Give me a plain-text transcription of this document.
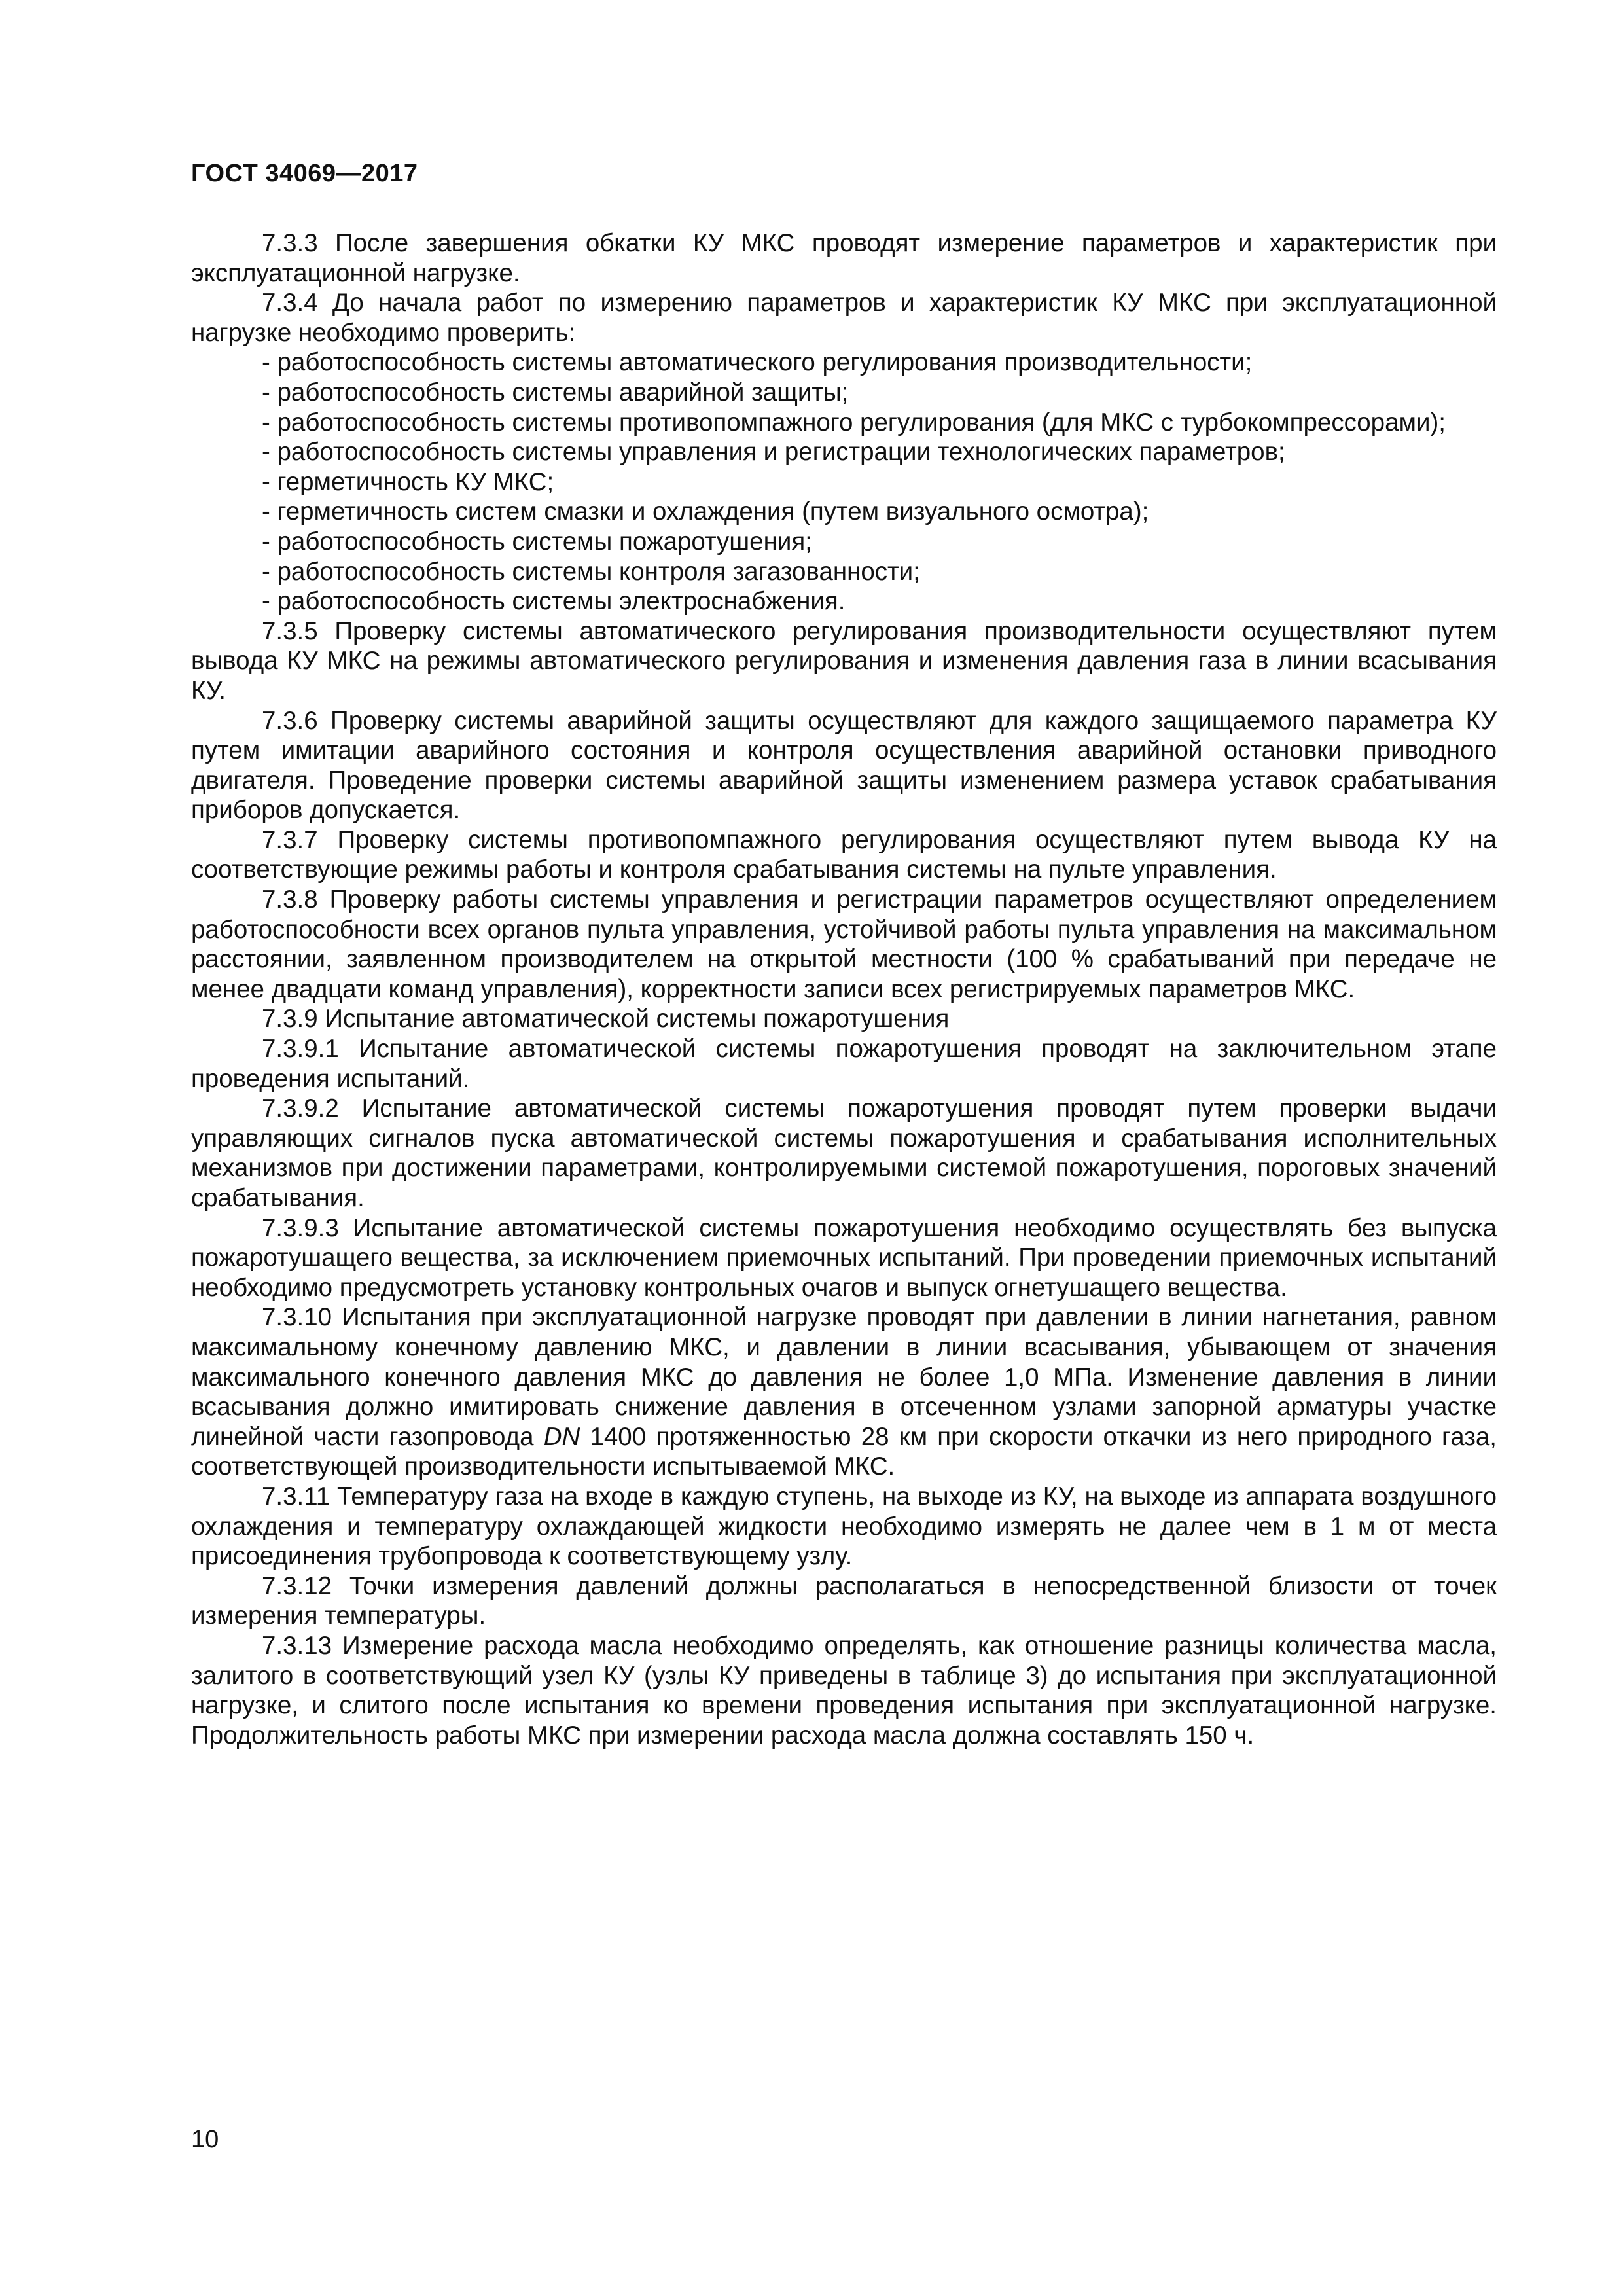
ГОСТ 34069—2017

7.3.3 После завершения обкатки КУ МКС проводят измерение параметров и характеристик при эксплуатационной нагрузке.

7.3.4 До начала работ по измерению параметров и характеристик КУ МКС при эксплуатационной нагрузке необходимо проверить:

- работоспособность системы автоматического регулирования производительности;

- работоспособность системы аварийной защиты;

- работоспособность системы противопомпажного регулирования (для МКС с турбокомпрессорами);

- работоспособность системы управления и регистрации технологических параметров;

- герметичность КУ МКС;

- герметичность систем смазки и охлаждения (путем визуального осмотра);

- работоспособность системы пожаротушения;

- работоспособность системы контроля загазованности;

- работоспособность системы электроснабжения.

7.3.5 Проверку системы автоматического регулирования производительности осуществляют путем вывода КУ МКС на режимы автоматического регулирования и изменения давления газа в линии всасывания КУ.

7.3.6 Проверку системы аварийной защиты осуществляют для каждого защищаемого параметра КУ путем имитации аварийного состояния и контроля осуществления аварийной остановки приводного двигателя. Проведение проверки системы аварийной защиты изменением размера уставок срабатывания приборов допускается.

7.3.7 Проверку системы противопомпажного регулирования осуществляют путем вывода КУ на соответствующие режимы работы и контроля срабатывания системы на пульте управления.

7.3.8 Проверку работы системы управления и регистрации параметров осуществляют определением работоспособности всех органов пульта управления, устойчивой работы пульта управления на максимальном расстоянии, заявленном производителем на открытой местности (100 % срабатываний при передаче не менее двадцати команд управления), корректности записи всех регистрируемых параметров МКС.

7.3.9 Испытание автоматической системы пожаротушения

7.3.9.1 Испытание автоматической системы пожаротушения проводят на заключительном этапе проведения испытаний.

7.3.9.2 Испытание автоматической системы пожаротушения проводят путем проверки выдачи управляющих сигналов пуска автоматической системы пожаротушения и срабатывания исполнительных механизмов при достижении параметрами, контролируемыми системой пожаротушения, пороговых значений срабатывания.

7.3.9.3 Испытание автоматической системы пожаротушения необходимо осуществлять без выпуска пожаротушащего вещества, за исключением приемочных испытаний. При проведении приемочных испытаний необходимо предусмотреть установку контрольных очагов и выпуск огнетушащего вещества.

7.3.10 Испытания при эксплуатационной нагрузке проводят при давлении в линии нагнетания, равном максимальному конечному давлению МКС, и давлении в линии всасывания, убывающем от значения максимального конечного давления МКС до давления не более 1,0 МПа. Изменение давления в линии всасывания должно имитировать снижение давления в отсеченном узлами запорной арматуры участке линейной части газопровода DN 1400 протяженностью 28 км при скорости откачки из него природного газа, соответствующей производительности испытываемой МКС.

7.3.11 Температуру газа на входе в каждую ступень, на выходе из КУ, на выходе из аппарата воздушного охлаждения и температуру охлаждающей жидкости необходимо измерять не далее чем в 1 м от места присоединения трубопровода к соответствующему узлу.

7.3.12 Точки измерения давлений должны располагаться в непосредственной близости от точек измерения температуры.

7.3.13 Измерение расхода масла необходимо определять, как отношение разницы количества масла, залитого в соответствующий узел КУ (узлы КУ приведены в таблице 3) до испытания при эксплуатационной нагрузке, и слитого после испытания ко времени проведения испытания при эксплуатационной нагрузке. Продолжительность работы МКС при измерении расхода масла должна составлять 150 ч.

10
